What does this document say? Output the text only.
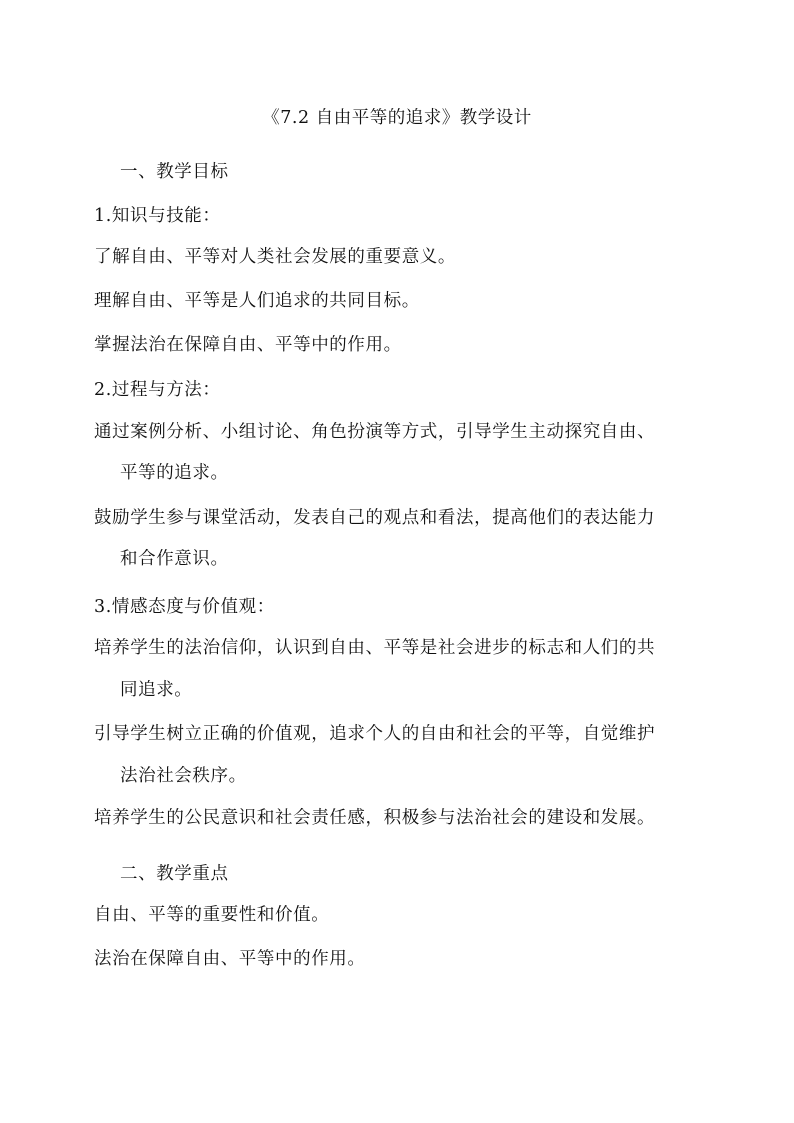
《7.2 自由平等的追求》教学设计
一、教学目标
1.知识与技能：
了解自由、平等对人类社会发展的重要意义。
理解自由、平等是人们追求的共同目标。
掌握法治在保障自由、平等中的作用。
2.过程与方法：
通过案例分析、小组讨论、角色扮演等方式，引导学生主动探究自由、
平等的追求。
鼓励学生参与课堂活动，发表自己的观点和看法，提高他们的表达能力
和合作意识。
3.情感态度与价值观：
培养学生的法治信仰，认识到自由、平等是社会进步的标志和人们的共
同追求。
引导学生树立正确的价值观，追求个人的自由和社会的平等，自觉维护
法治社会秩序。
培养学生的公民意识和社会责任感，积极参与法治社会的建设和发展。
二、教学重点
自由、平等的重要性和价值。
法治在保障自由、平等中的作用。
